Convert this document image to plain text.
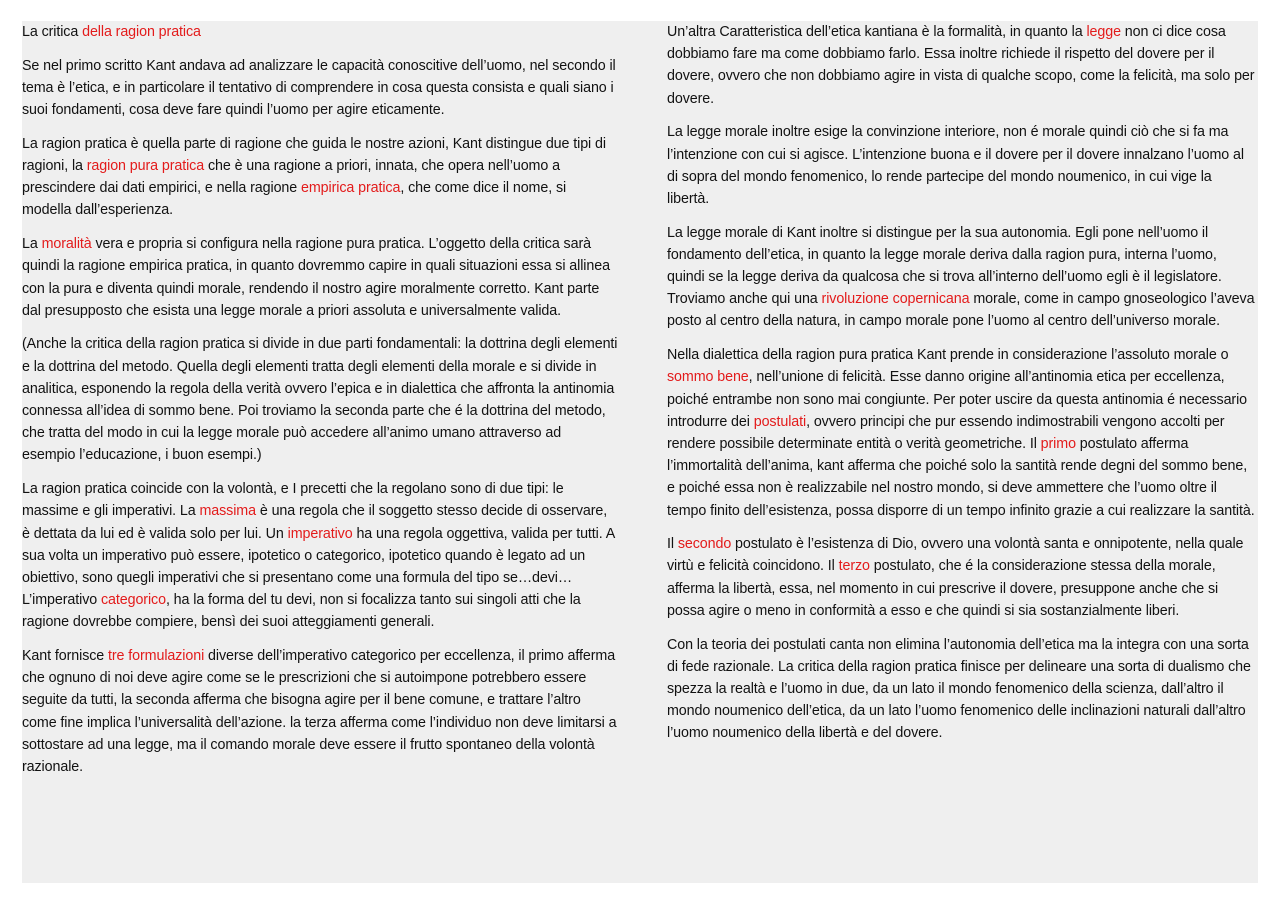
La critica della ragion pratica

Se nel primo scritto Kant andava ad analizzare le capacità conoscitive dell’uomo, nel secondo il tema è l’etica, e in particolare il tentativo di comprendere in cosa questa consista e quali siano i suoi fondamenti, cosa deve fare quindi l’uomo per agire eticamente.

La ragion pratica è quella parte di ragione che guida le nostre azioni, Kant distingue due tipi di ragioni, la ragion pura pratica che è una ragione a priori, innata, che opera nell’uomo a prescindere dai dati empirici, e nella ragione empirica pratica, che come dice il nome, si modella dall’esperienza.

La moralità vera e propria si configura nella ragione pura pratica. L’oggetto della critica sarà quindi la ragione empirica pratica, in quanto dovremmo capire in quali situazioni essa si allinea con la pura e diventa quindi morale, rendendo il nostro agire moralmente corretto. Kant parte dal presupposto che esista una legge morale a priori assoluta e universalmente valida.

(Anche la critica della ragion pratica si divide in due parti fondamentali: la dottrina degli elementi e la dottrina del metodo. Quella degli elementi tratta degli elementi della morale e si divide in analitica, esponendo la regola della verità ovvero l’epica e in dialettica che affronta la antinomia connessa all’idea di sommo bene. Poi troviamo la seconda parte che é la dottrina del metodo, che tratta del modo in cui la legge morale può accedere all’animo umano attraverso ad esempio l’educazione, i buon esempi.)

La ragion pratica coincide con la volontà, e I precetti che la regolano sono di due tipi: le massime e gli imperativi. La massima è una regola che il soggetto stesso decide di osservare, è dettata da lui ed è valida solo per lui. Un imperativo ha una regola oggettiva, valida per tutti. A sua volta un imperativo può essere, ipotetico o categorico, ipotetico quando è legato ad un obiettivo, sono quegli imperativi che si presentano come una formula del tipo se…devi… L’imperativo categorico, ha la forma del tu devi, non si focalizza tanto sui singoli atti che la ragione dovrebbe compiere, bensì dei suoi atteggiamenti generali.

Kant fornisce tre formulazioni diverse dell’imperativo categorico per eccellenza, il primo afferma che ognuno di noi deve agire come se le prescrizioni che si autoimpone potrebbero essere seguite da tutti, la seconda afferma che bisogna agire per il bene comune, e trattare l’altro come fine implica l’universalità dell’azione. la terza afferma come l’individuo non deve limitarsi a sottostare ad una legge, ma il comando morale deve essere il frutto spontaneo della volontà razionale.

Un’altra Caratteristica dell’etica kantiana è la formalità, in quanto la legge non ci dice cosa dobbiamo fare ma come dobbiamo farlo. Essa inoltre richiede il rispetto del dovere per il dovere, ovvero che non dobbiamo agire in vista di qualche scopo, come la felicità, ma solo per dovere.

La legge morale inoltre esige la convinzione interiore, non é morale quindi ciò che si fa ma l’intenzione con cui si agisce. L’intenzione buona e il dovere per il dovere innalzano l’uomo al di sopra del mondo fenomenico, lo rende partecipe del mondo noumenico, in cui vige la libertà.

La legge morale di Kant inoltre si distingue per la sua autonomia. Egli pone nell’uomo il fondamento dell’etica, in quanto la legge morale deriva dalla ragion pura, interna l’uomo, quindi se la legge deriva da qualcosa che si trova all’interno dell’uomo egli è il legislatore. Troviamo anche qui una rivoluzione copernicana morale, come in campo gnoseologico l’aveva posto al centro della natura, in campo morale pone l’uomo al centro dell’universo morale.

Nella dialettica della ragion pura pratica Kant prende in considerazione l’assoluto morale o sommo bene, nell’unione di felicità. Esse danno origine all’antinomia etica per eccellenza, poiché entrambe non sono mai congiunte. Per poter uscire da questa antinomia é necessario introdurre dei postulati, ovvero principi che pur essendo indimostrabili vengono accolti per rendere possibile determinate entità o verità geometriche. Il primo postulato afferma l’immortalità dell’anima, kant afferma che poiché solo la santità rende degni del sommo bene, e poiché essa non è realizzabile nel nostro mondo, si deve ammettere che l’uomo oltre il tempo finito dell’esistenza, possa disporre di un tempo infinito grazie a cui realizzare la santità.

Il secondo postulato è l’esistenza di Dio, ovvero una volontà santa e onnipotente, nella quale virtù e felicità coincidono. Il terzo postulato, che é la considerazione stessa della morale, afferma la libertà, essa, nel momento in cui prescrive il dovere, presuppone anche che si possa agire o meno in conformità a esso e che quindi si sia sostanzialmente liberi.

Con la teoria dei postulati canta non elimina l’autonomia dell’etica ma la integra con una sorta di fede razionale. La critica della ragion pratica finisce per delineare una sorta di dualismo che spezza la realtà e l’uomo in due, da un lato il mondo fenomenico della scienza, dall’altro il mondo noumenico dell’etica, da un lato l’uomo fenomenico delle inclinazioni naturali dall’altro l’uomo noumenico della libertà e del dovere.
